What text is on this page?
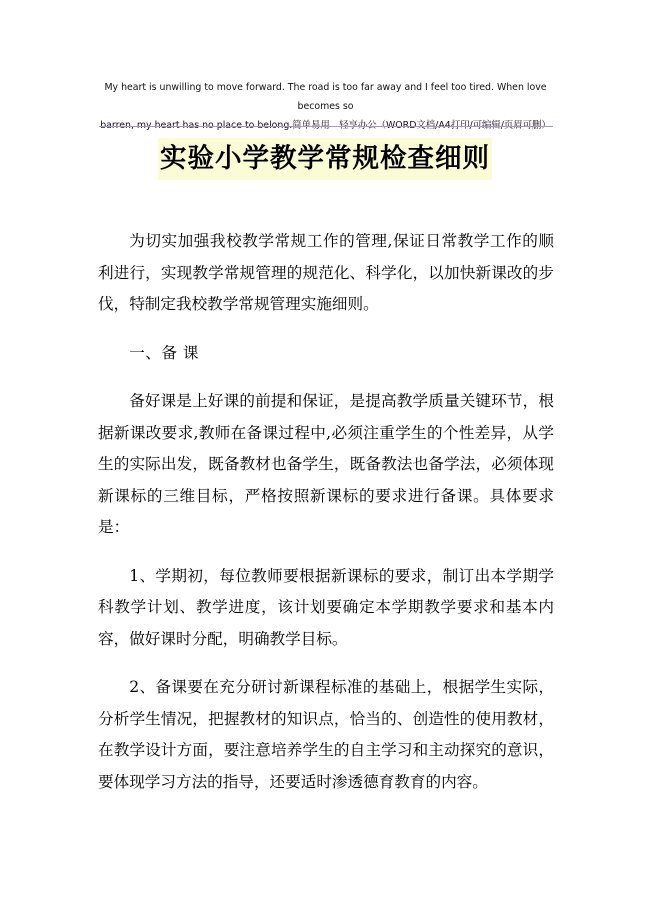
My heart is unwilling to move forward. The road is too far away and I feel too tired. When love becomes so
barren, my heart has no place to belong.简单易用　轻享办公（WORD文档/A4打印/可编辑/页眉可删）
实验小学教学常规检查细则

为切实加强我校教学常规工作的管理,保证日常教学工作的顺利进行，实现教学常规管理的规范化、科学化，以加快新课改的步伐，特制定我校教学常规管理实施细则。

一、备 课

备好课是上好课的前提和保证，是提高教学质量关键环节，根据新课改要求,教师在备课过程中,必须注重学生的个性差异，从学生的实际出发，既备教材也备学生，既备教法也备学法，必须体现新课标的三维目标，严格按照新课标的要求进行备课。具体要求是：

1、学期初，每位教师要根据新课标的要求，制订出本学期学科教学计划、教学进度，该计划要确定本学期教学要求和基本内容，做好课时分配，明确教学目标。

2、备课要在充分研讨新课程标准的基础上，根据学生实际，分析学生情况，把握教材的知识点，恰当的、创造性的使用教材，在教学设计方面，要注意培养学生的自主学习和主动探究的意识，要体现学习方法的指导，还要适时渗透德育教育的内容。
